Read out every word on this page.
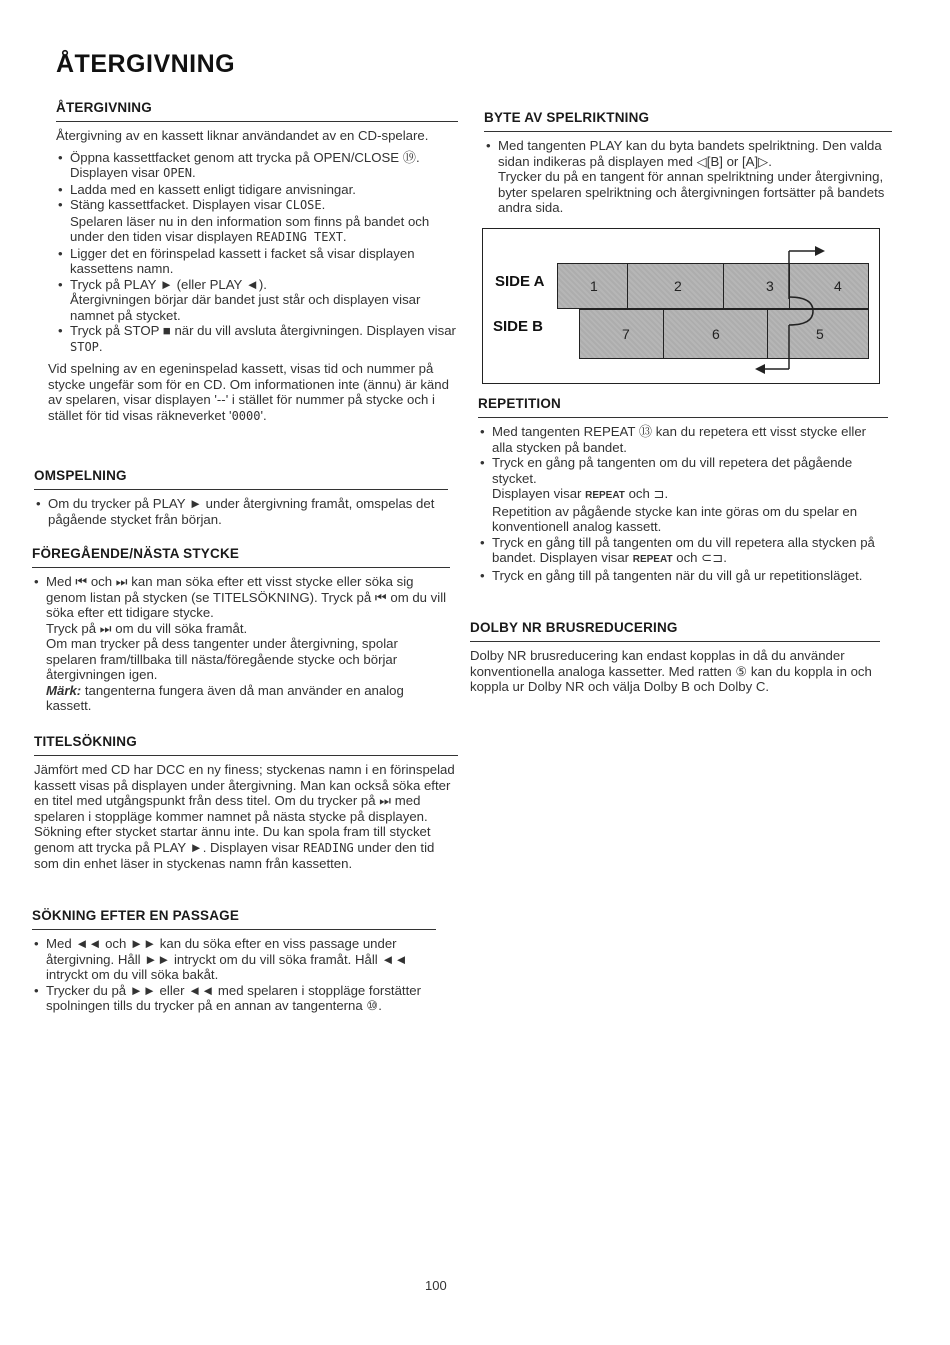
ÅTERGIVNING
ÅTERGIVNING

Återgivning av en kassett liknar användandet av en CD-spelare.

• Öppna kassettfacket genom att trycka på OPEN/CLOSE ⑲.
Displayen visar OPEN.
• Ladda med en kassett enligt tidigare anvisningar.
• Stäng kassettfacket. Displayen visar CLOSE.
Spelaren läser nu in den information som finns på bandet och under den tiden visar displayen READING TEXT.
• Ligger det en förinspelad kassett i facket så visar displayen kassettens namn.
• Tryck på PLAY ► (eller PLAY ◄).
Återgivningen börjar där bandet just står och displayen visar namnet på stycket.
• Tryck på STOP ■ när du vill avsluta återgivningen. Displayen visar STOP.

Vid spelning av en egeninspelad kassett, visas tid och nummer på stycke ungefär som för en CD. Om informationen inte (ännu) är känd av spelaren, visar displayen '--' i stället för nummer på stycke och i stället för tid visas räkneverket '0000'.

OMSPELNING
• Om du trycker på PLAY ► under återgivning framåt, omspelas det pågående stycket från början.
FÖREGÅENDE/NÄSTA STYCKE
• Med ⏮ och ⏭ kan man söka efter ett visst stycke eller söka sig genom listan på stycken (se TITELSÖKNING). Tryck på ⏮ om du vill söka efter ett tidigare stycke.
Tryck på ⏭ om du vill söka framåt.
Om man trycker på dess tangenter under återgivning, spolar spelaren fram/tillbaka till nästa/föregående stycke och börjar återgivningen igen.
Märk: tangenterna fungera även då man använder en analog kassett.
TITELSÖKNING

Jämfört med CD har DCC en ny finess; styckenas namn i en förinspelad kassett visas på displayen under återgivning. Man kan också söka efter en titel med utgångspunkt från dess titel. Om du trycker på ⏭ med spelaren i stoppläge kommer namnet på nästa stycke på displayen. Sökning efter stycket startar ännu inte. Du kan spola fram till stycket genom att trycka på PLAY ►. Displayen visar READING under den tid som din enhet läser in styckenas namn från kassetten.

SÖKNING EFTER EN PASSAGE
• Med ◄◄ och ►► kan du söka efter en viss passage under återgivning. Håll ►► intryckt om du vill söka framåt. Håll ◄◄ intryckt om du vill söka bakåt.
• Trycker du på ►► eller ◄◄ med spelaren i stoppläge forstätter spolningen tills du trycker på en annan av tangenterna ⑩.
BYTE AV SPELRIKTNING
• Med tangenten PLAY kan du byta bandets spelriktning. Den valda sidan indikeras på displayen med ◁[B] or [A]▷.
Trycker du på en tangent för annan spelriktning under återgivning, byter spelaren spelriktning och återgivningen fortsätter på bandets andra sida.
SIDE A
SIDE B
1	2	3	4
7	6	5
REPETITION
• Med tangenten REPEAT ⑬ kan du repetera ett visst stycke eller alla stycken på bandet.
• Tryck en gång på tangenten om du vill repetera det pågående stycket.
Displayen visar REPEAT och ⊐.
Repetition av pågående stycke kan inte göras om du spelar en konventionell analog kassett.
• Tryck en gång till på tangenten om du vill repetera alla stycken på bandet. Displayen visar REPEAT och ⊂⊐.
• Tryck en gång till på tangenten när du vill gå ur repetitionsläget.
DOLBY NR BRUSREDUCERING

Dolby NR brusreducering kan endast kopplas in då du använder konventionella analoga kassetter. Med ratten ⑤ kan du koppla in och koppla ur Dolby NR och välja Dolby B och Dolby C.

100
